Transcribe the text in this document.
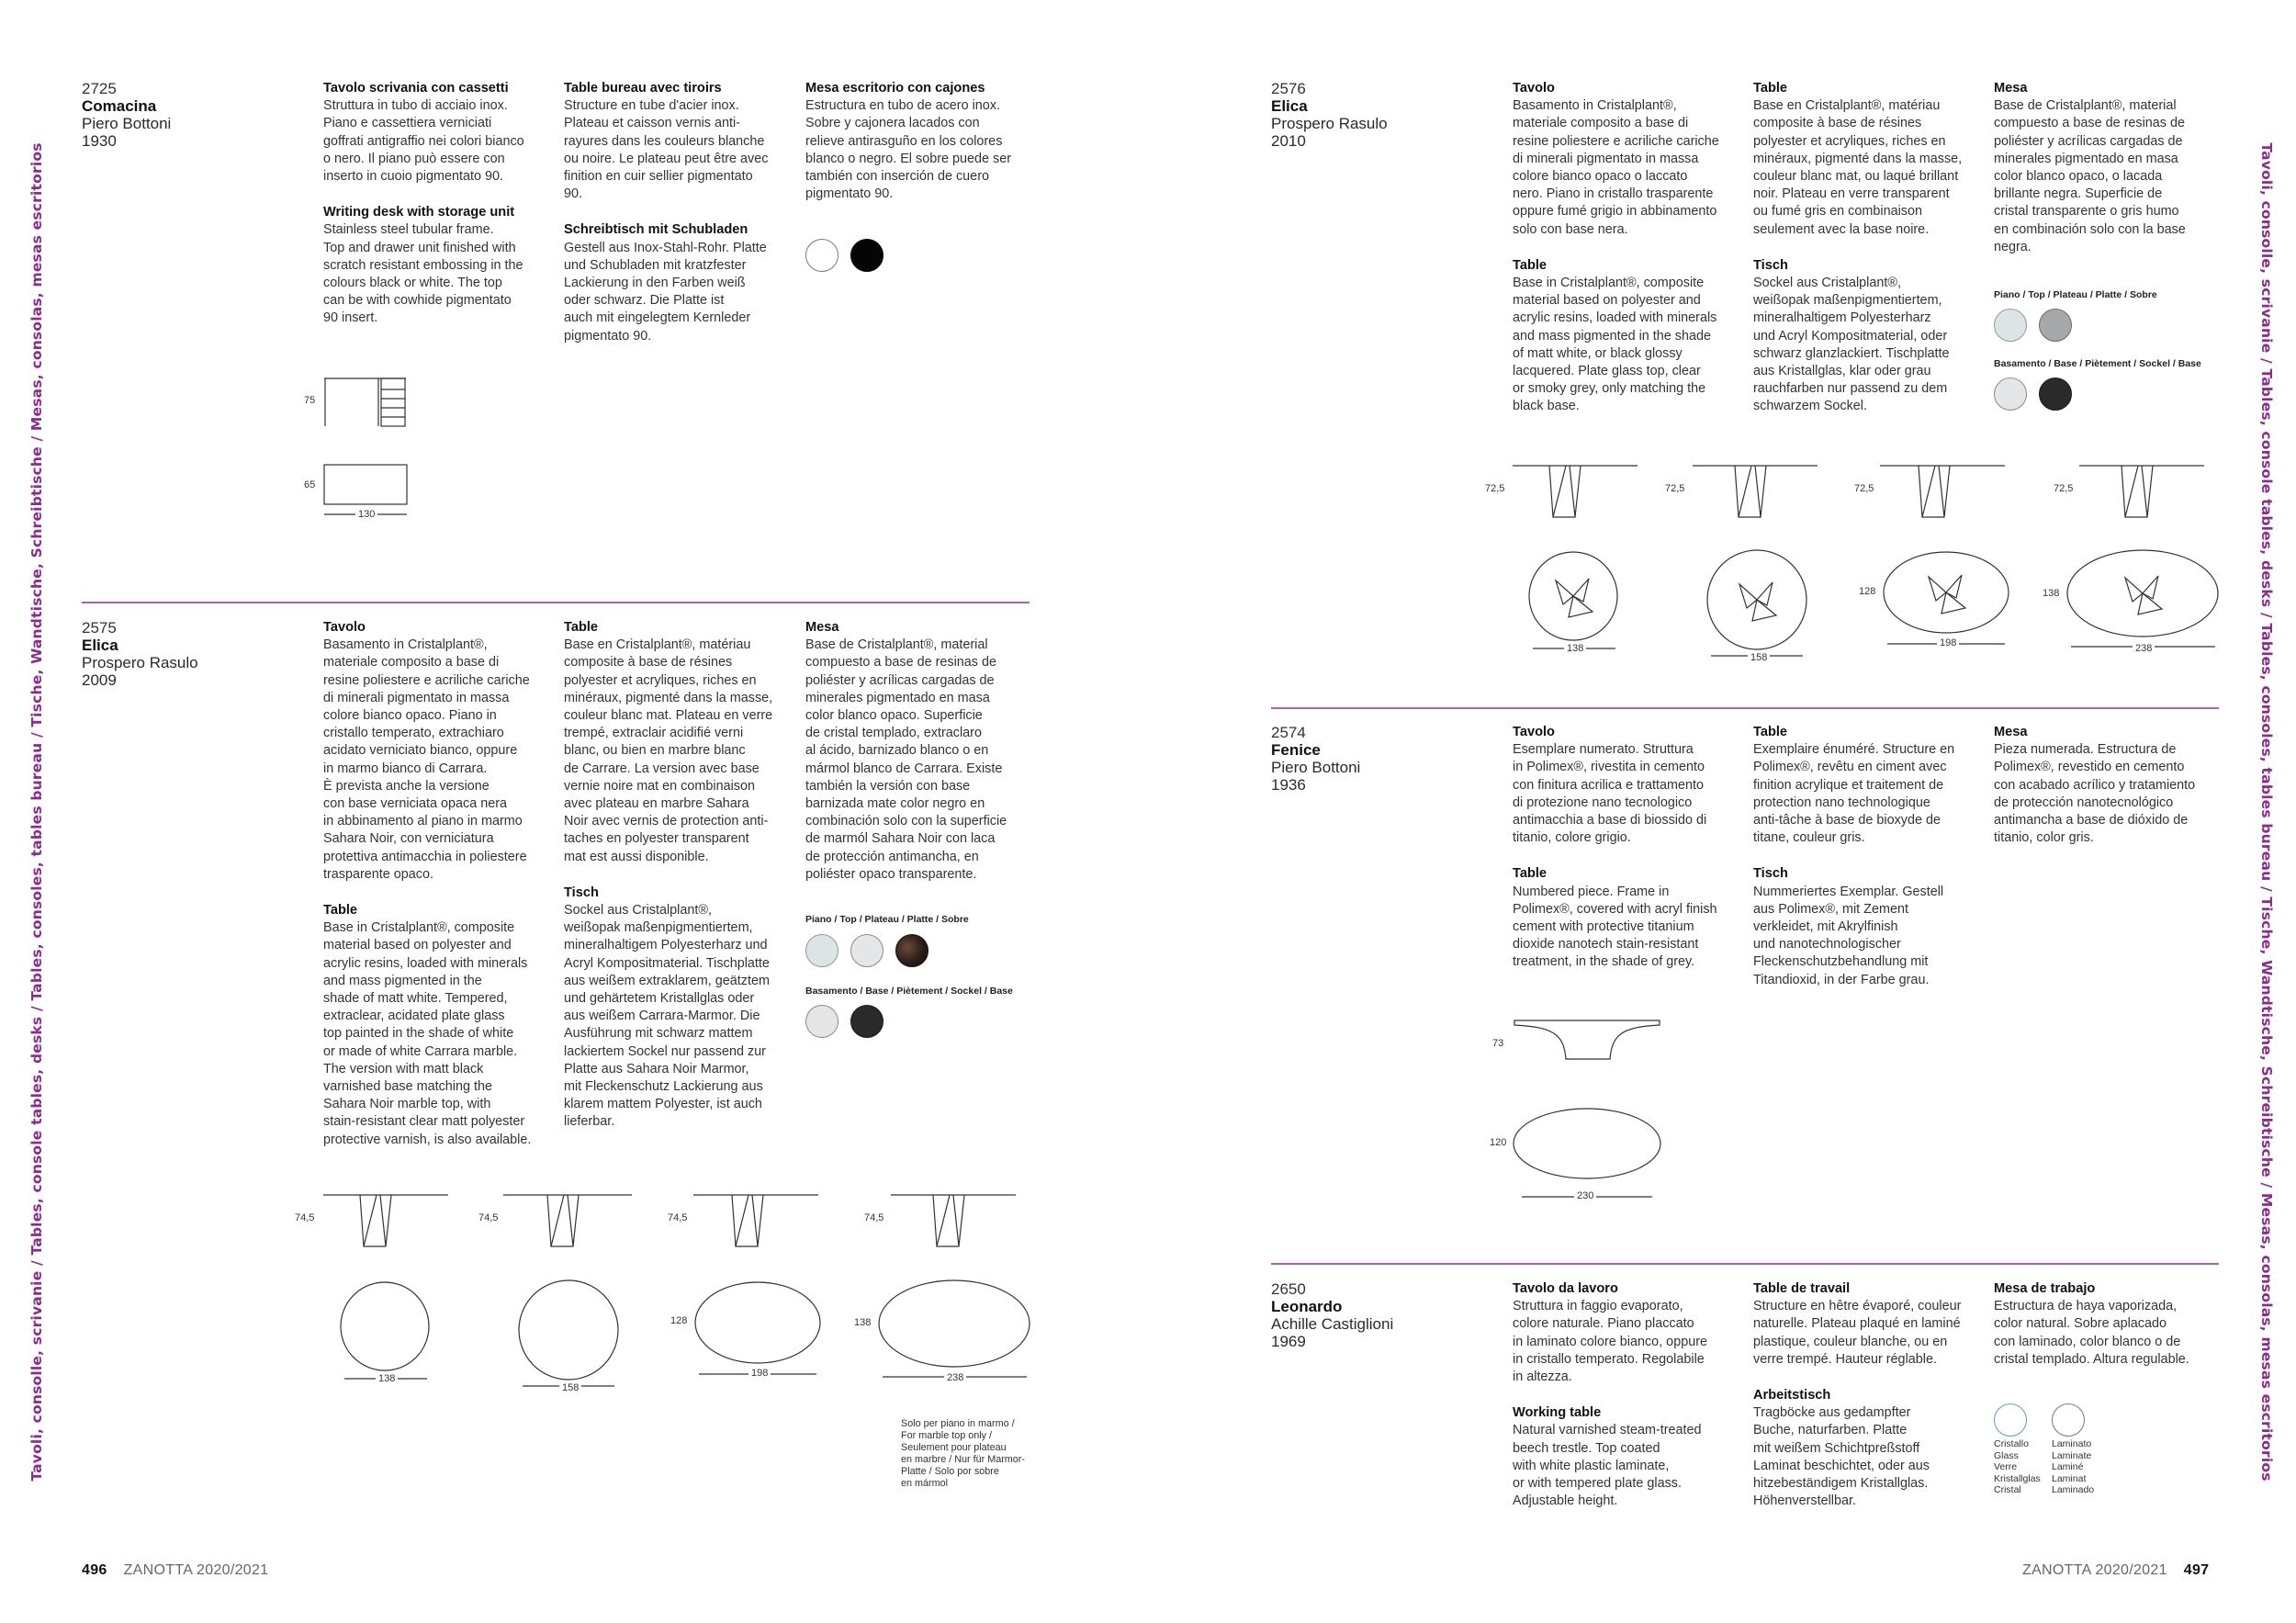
Tavoli, consolle, scrivanie / Tables, console tables, desks / Tables, consoles, tables bureau / Tische, Wandtische, Schreibtische / Mesas, consolas, mesas escritorios	Tavoli, consolle, scrivanie / Tables, console tables, desks / Tables, consoles, tables bureau / Tische, Wandtische, Schreibtische / Mesas, consolas, mesas escritorios
2725
Comacina
Piero Bottoni
1930
Tavolo scrivania con cassetti

Struttura in tubo di acciaio inox.
Piano e cassettiera verniciati
goffrati antigraffio nei colori bianco
o nero. Il piano può essere con
inserto in cuoio pigmentato 90.

Writing desk with storage unit

Stainless steel tubular frame.
Top and drawer unit finished with
scratch resistant embossing in the
colours black or white. The top
can be with cowhide pigmentato
90 insert.

Table bureau avec tiroirs

Structure en tube d'acier inox.
Plateau et caisson vernis anti-
rayures dans les couleurs blanche
ou noire. Le plateau peut être avec
finition en cuir sellier pigmentato
90.

Schreibtisch mit Schubladen

Gestell aus Inox-Stahl-Rohr. Platte
und Schubladen mit kratzfester
Lackierung in den Farben weiß
oder schwarz. Die Platte ist
auch mit eingelegtem Kernleder
pigmentato 90.

Mesa escritorio con cajones

Estructura en tubo de acero inox.
Sobre y cajonera lacados con
relieve antirasguño en los colores
blanco o negro. El sobre puede ser
también con inserción de cuero
pigmentato 90.

75
65
130
2575
Elica
Prospero Rasulo
2009
Tavolo

Basamento in Cristalplant®,
materiale composito a base di
resine poliestere e acriliche cariche
di minerali pigmentato in massa
colore bianco opaco. Piano in
cristallo temperato, extrachiaro
acidato verniciato bianco, oppure
in marmo bianco di Carrara.
È prevista anche la versione
con base verniciata opaca nera
in abbinamento al piano in marmo
Sahara Noir, con verniciatura
protettiva antimacchia in poliestere
trasparente opaco.

Table

Base in Cristalplant®, composite
material based on polyester and
acrylic resins, loaded with minerals
and mass pigmented in the
shade of matt white. Tempered,
extraclear, acidated plate glass
top painted in the shade of white
or made of white Carrara marble.
The version with matt black
varnished base matching the
Sahara Noir marble top, with
stain-resistant clear matt polyester
protective varnish, is also available.

Table

Base en Cristalplant®, matériau
composite à base de résines
polyester et acryliques, riches en
minéraux, pigmenté dans la masse,
couleur blanc mat. Plateau en verre
trempé, extraclair acidifié verni
blanc, ou bien en marbre blanc
de Carrare. La version avec base
vernie noire mat en combinaison
avec plateau en marbre Sahara
Noir avec vernis de protection anti-
taches en polyester transparent
mat est aussi disponible.

Tisch

Sockel aus Cristalplant®,
weißopak maßenpigmentiertem,
mineralhaltigem Polyesterharz und
Acryl Kompositmaterial. Tischplatte
aus weißem extraklarem, geätztem
und gehärtetem Kristallglas oder
aus weißem Carrara-Marmor. Die
Ausführung mit schwarz mattem
lackiertem Sockel nur passend zur
Platte aus Sahara Noir Marmor,
mit Fleckenschutz Lackierung aus
klarem mattem Polyester, ist auch
lieferbar.

Mesa

Base de Cristalplant®, material
compuesto a base de resinas de
poliéster y acrílicas cargadas de
minerales pigmentado en masa
color blanco opaco. Superficie
de cristal templado, extraclaro
al ácido, barnizado blanco o en
mármol blanco de Carrara. Existe
también la versión con base
barnizada mate color negro en
combinación solo con la superficie
de marmól Sahara Noir con laca
de protección antimancha, en
poliéster opaco transparente.

Piano / Top / Plateau / Platte / Sobre
Basamento / Base / Piètement / Sockel / Base
74,5	74,5	74,5	74,5
138
158
128
198
138
238
Solo per piano in marmo /
For marble top only /
Seulement pour plateau
en marbre / Nur für Marmor-
Platte / Solo por sobre
en mármol
2576
Elica
Prospero Rasulo
2010
Tavolo

Basamento in Cristalplant®,
materiale composito a base di
resine poliestere e acriliche cariche
di minerali pigmentato in massa
colore bianco opaco o laccato
nero. Piano in cristallo trasparente
oppure fumé grigio in abbinamento
solo con base nera.

Table

Base in Cristalplant®, composite
material based on polyester and
acrylic resins, loaded with minerals
and mass pigmented in the shade
of matt white, or black glossy
lacquered. Plate glass top, clear
or smoky grey, only matching the
black base.

Table

Base en Cristalplant®, matériau
composite à base de résines
polyester et acryliques, riches en
minéraux, pigmenté dans la masse,
couleur blanc mat, ou laqué brillant
noir. Plateau en verre transparent
ou fumé gris en combinaison
seulement avec la base noire.

Tisch

Sockel aus Cristalplant®,
weißopak maßenpigmentiertem,
mineralhaltigem Polyesterharz
und Acryl Kompositmaterial, oder
schwarz glanzlackiert. Tischplatte
aus Kristallglas, klar oder grau
rauchfarben nur passend zu dem
schwarzem Sockel.

Mesa

Base de Cristalplant®, material
compuesto a base de resinas de
poliéster y acrílicas cargadas de
minerales pigmentado en masa
color blanco opaco, o lacada
brillante negra. Superficie de
cristal transparente o gris humo
en combinación solo con la base
negra.

Piano / Top / Plateau / Platte / Sobre
Basamento / Base / Piètement / Sockel / Base
72,5	72,5	72,5	72,5
138
158
128
198
138
238
2574
Fenice
Piero Bottoni
1936
Tavolo

Esemplare numerato. Struttura
in Polimex®, rivestita in cemento
con finitura acrilica e trattamento
di protezione nano tecnologico
antimacchia a base di biossido di
titanio, colore grigio.

Table

Numbered piece. Frame in
Polimex®, covered with acryl finish
cement with protective titanium
dioxide nanotech stain-resistant
treatment, in the shade of grey.

Table

Exemplaire énuméré. Structure en
Polimex®, revêtu en ciment avec
finition acrylique et traitement de
protection nano technologique
anti-tâche à base de bioxyde de
titane, couleur gris.

Tisch

Nummeriertes Exemplar. Gestell
aus Polimex®, mit Zement
verkleidet, mit Akrylfinish
und nanotechnologischer
Fleckenschutzbehandlung mit
Titandioxid, in der Farbe grau.

Mesa

Pieza numerada. Estructura de
Polimex®, revestido en cemento
con acabado acrílico y tratamiento
de protección nanotecnológico
antimancha a base de dióxido de
titanio, color gris.

73
120
230
2650
Leonardo
Achille Castiglioni
1969
Tavolo da lavoro

Struttura in faggio evaporato,
colore naturale. Piano placcato
in laminato colore bianco, oppure
in cristallo temperato. Regolabile
in altezza.

Working table

Natural varnished steam-treated
beech trestle. Top coated
with white plastic laminate,
or with tempered plate glass.
Adjustable height.

Table de travail

Structure en hêtre évaporé, couleur
naturelle. Plateau plaqué en laminé
plastique, couleur blanche, ou en
verre trempé. Hauteur réglable.

Arbeitstisch

Tragböcke aus gedampfter
Buche, naturfarben. Platte
mit weißem Schichtpreßstoff
Laminat beschichtet, oder aus
hitzebeständigem Kristallglas.
Höhenverstellbar.

Mesa de trabajo

Estructura de haya vaporizada,
color natural. Sobre aplacado
con laminado, color blanco o de
cristal templado. Altura regulable.

Cristallo
Glass
Verre
Kristallglas
Cristal
Laminato
Laminate
Laminé
Laminat
Laminado
496 ZANOTTA 2020/2021	ZANOTTA 2020/2021 497
